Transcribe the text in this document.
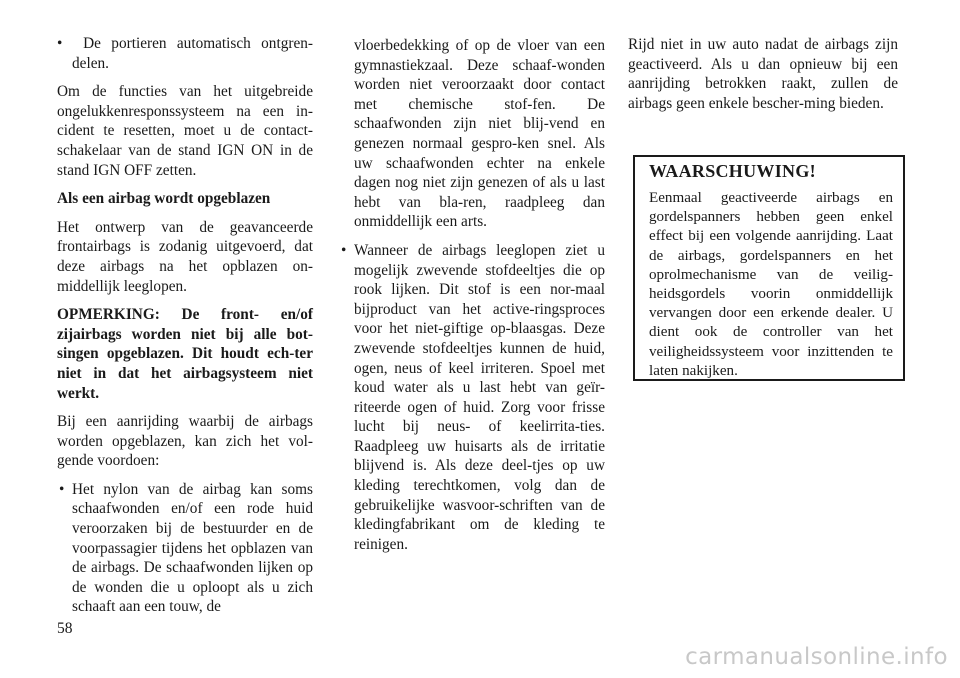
•  De portieren automatisch ontgren-delen.

Om de functies van het uitgebreide ongelukkenresponssysteem na een in-cident te resetten, moet u de contact-schakelaar van de stand IGN ON in de stand IGN OFF zetten.

Als een airbag wordt opgeblazen

Het ontwerp van de geavanceerde frontairbags is zodanig uitgevoerd, dat deze airbags na het opblazen on-middellijk leeglopen.

OPMERKING: De front- en/of zijairbags worden niet bij alle bot-singen opgeblazen. Dit houdt ech-ter niet in dat het airbagsysteem niet werkt.

Bij een aanrijding waarbij de airbags worden opgeblazen, kan zich het vol-gende voordoen:

• Het nylon van de airbag kan soms schaafwonden en/of een rode huid veroorzaken bij de bestuurder en de voorpassagier tijdens het opblazen van de airbags. De schaafwonden lijken op de wonden die u oploopt als u zich schaaft aan een touw, de
vloerbedekking of op de vloer van een gymnastiekzaal. Deze schaaf-wonden worden niet veroorzaakt door contact met chemische stof-fen. De schaafwonden zijn niet blij-vend en genezen normaal gespro-ken snel. Als uw schaafwonden echter na enkele dagen nog niet zijn genezen of als u last hebt van bla-ren, raadpleeg dan onmiddellijk een arts.
• Wanneer de airbags leeglopen ziet u mogelijk zwevende stofdeeltjes die op rook lijken. Dit stof is een nor-maal bijproduct van het active-ringsproces voor het niet-giftige op-blaasgas. Deze zwevende stofdeeltjes kunnen de huid, ogen, neus of keel irriteren. Spoel met koud water als u last hebt van geïr-riteerde ogen of huid. Zorg voor frisse lucht bij neus- of keelirrita-ties. Raadpleeg uw huisarts als de irritatie blijvend is. Als deze deel-tjes op uw kleding terechtkomen, volg dan de gebruikelijke wasvoor-schriften van de kledingfabrikant om de kleding te reinigen.

Rijd niet in uw auto nadat de airbags zijn geactiveerd. Als u dan opnieuw bij een aanrijding betrokken raakt, zullen de airbags geen enkele bescher-ming bieden.

WAARSCHUWING!

Eenmaal geactiveerde airbags en gordelspanners hebben geen enkel effect bij een volgende aanrijding. Laat de airbags, gordelspanners en het oprolmechanisme van de veilig-heidsgordels voorin onmiddellijk vervangen door een erkende dealer. U dient ook de controller van het veiligheidssysteem voor inzittenden te laten nakijken.

58
carmanualsonline.info
